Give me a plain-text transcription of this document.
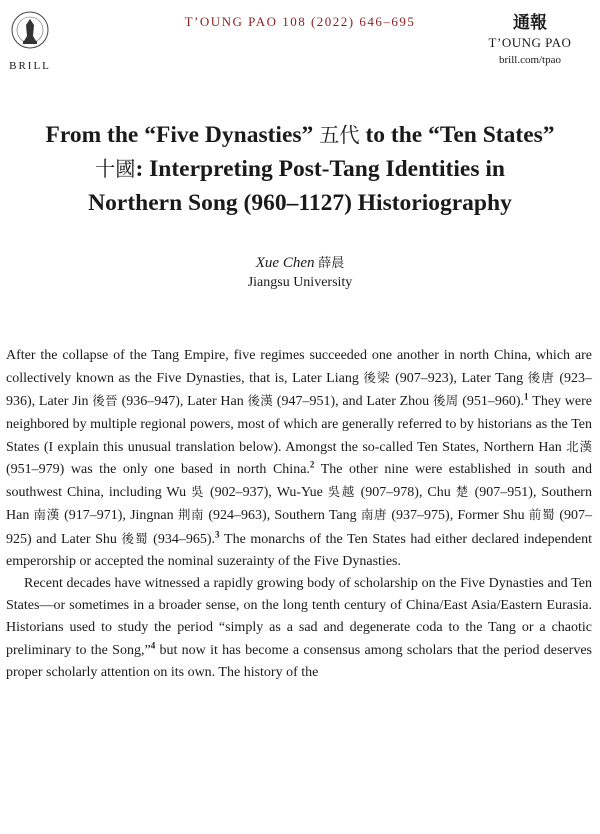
BRILL
T’OUNG PAO 108 (2022) 646–695	通報
T’OUNG PAO
brill.com/tpao
From the “Five Dynasties” 五代 to the “Ten States”
十國: Interpreting Post-Tang Identities in
Northern Song (960–1127) Historiography
Xue Chen 薛晨
Jiangsu University

After the collapse of the Tang Empire, five regimes succeeded one another in north China, which are collectively known as the Five Dynasties, that is, Later Liang 後梁 (907–923), Later Tang 後唐 (923–936), Later Jin 後晉 (936–947), Later Han 後漢 (947–951), and Later Zhou 後周 (951–960).$^1$ They were neighbored by multiple regional powers, most of which are generally referred to by historians as the Ten States (I explain this unusual translation below). Amongst the so-called Ten States, Northern Han 北漢 (951–979) was the only one based in north China.$^2$ The other nine were established in south and southwest China, including Wu 吳 (902–937), Wu-Yue 吳越 (907–978), Chu 楚 (907–951), Southern Han 南漢 (917–971), Jingnan 荆南 (924–963), Southern Tang 南唐 (937–975), Former Shu 前蜀 (907–925) and Later Shu 後蜀 (934–965).$^3$ The monarchs of the Ten States had either declared independent emperorship or accepted the nominal suzerainty of the Five Dynasties.

Recent decades have witnessed a rapidly growing body of scholarship on the Five Dynasties and Ten States—or sometimes in a broader sense, on the long tenth century of China/East Asia/Eastern Eurasia. Historians used to study the period “simply as a sad and degenerate coda to the Tang or a chaotic preliminary to the Song,”$^4$ but now it has become a consensus among scholars that the period deserves proper scholarly attention on its own. The history of the
